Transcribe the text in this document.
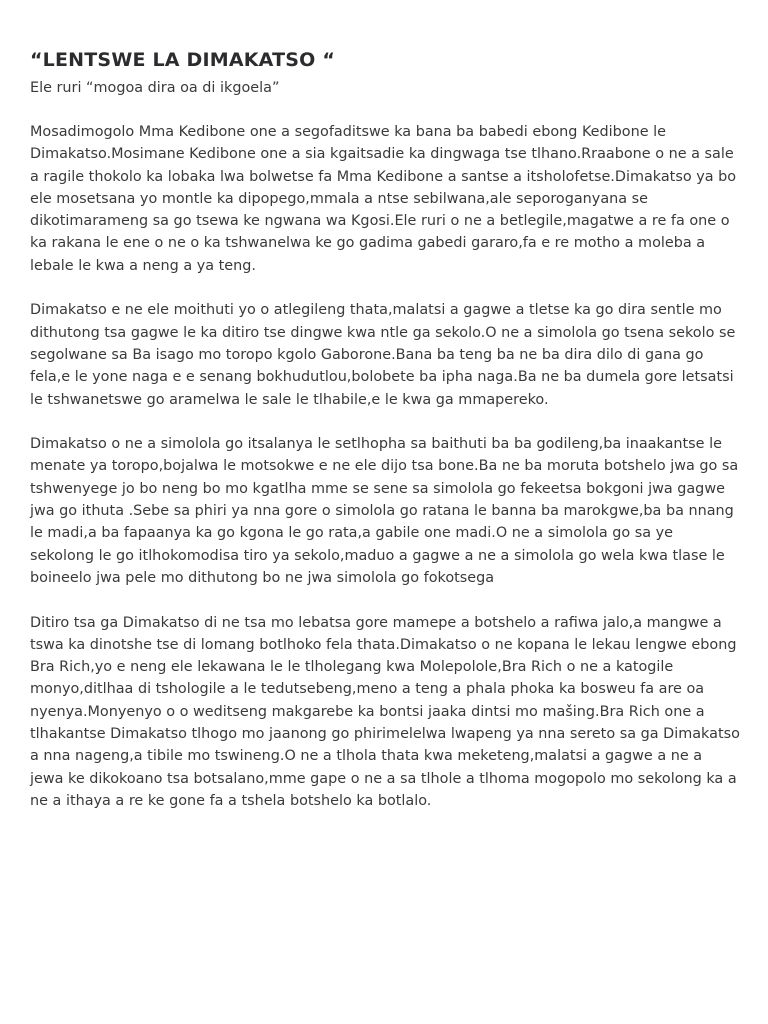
“LENTSWE LA DIMAKATSO “

Ele ruri “mogoa dira oa di ikgoela”

Mosadimogolo Mma Kedibone one a segofaditswe ka bana ba babedi ebong Kedibone le Dimakatso.Mosimane Kedibone one a sia kgaitsadie ka dingwaga tse tlhano.Rraabone o ne a sale a ragile thokolo ka lobaka lwa bolwetse fa Mma Kedibone a santse a itsholofetse.Dimakatso ya bo ele mosetsana yo montle ka dipopego,mmala a ntse sebilwana,ale seporoganyana se dikotimarameng sa go tsewa ke ngwana wa Kgosi.Ele ruri o ne a betlegile,magatwe a re fa one o ka rakana le ene o ne o ka tshwanelwa ke go gadima gabedi gararo,fa e re motho a moleba a lebale le kwa a neng a ya teng.

Dimakatso e ne ele moithuti yo o atlegileng thata,malatsi a gagwe a tletse ka go dira sentle mo dithutong tsa gagwe le ka ditiro tse dingwe kwa ntle ga sekolo.O ne a simolola go tsena sekolo se segolwane sa Ba isago mo toropo kgolo Gaborone.Bana ba teng ba ne ba dira dilo di gana go fela,e le yone naga e e senang bokhudutlou,bolobete ba ipha naga.Ba ne ba dumela gore letsatsi le tshwanetswe go aramelwa le sale le tlhabile,e le kwa ga mmapereko.

Dimakatso o ne a simolola go itsalanya le setlhopha sa baithuti ba ba godileng,ba inaakantse le menate ya toropo,bojalwa le motsokwe e ne ele dijo tsa bone.Ba ne ba moruta botshelo jwa go sa tshwenyege jo bo neng bo mo kgatlha mme se sene sa simolola go fekeetsa bokgoni jwa gagwe jwa go ithuta .Sebe sa phiri ya nna gore o simolola go ratana le banna ba marokgwe,ba ba nnang le madi,a ba fapaanya ka go kgona le go rata,a gabile one madi.O ne a simolola go sa ye sekolong le go itlhokomodisa tiro ya sekolo,maduo a gagwe a ne a simolola go wela kwa tlase le boineelo jwa pele mo dithutong bo ne jwa simolola go fokotsega

Ditiro tsa ga Dimakatso di ne tsa mo lebatsa gore mamepe a botshelo a rafiwa jalo,a mangwe a tswa ka dinotshe tse di lomang botlhoko fela thata.Dimakatso o ne kopana le lekau lengwe ebong Bra Rich,yo e neng ele lekawana le le tlholegang kwa Molepolole,Bra Rich o ne a katogile monyo,ditlhaa di tshologile a le tedutsebeng,meno a teng a phala phoka ka bosweu fa are oa nyenya.Monyenyo o o weditseng makgarebe ka bontsi jaaka dintsi mo mašing.Bra Rich one a tlhakantse Dimakatso tlhogo mo jaanong go phirimelelwa lwapeng ya nna sereto sa ga Dimakatso a nna nageng,a tibile mo tswineng.O ne a tlhola thata kwa meketeng,malatsi a gagwe a ne a jewa ke dikokoano tsa botsalano,mme gape o ne a sa tlhole a tlhoma mogopolo mo sekolong ka a ne a ithaya a re ke gone fa a tshela botshelo ka botlalo.
